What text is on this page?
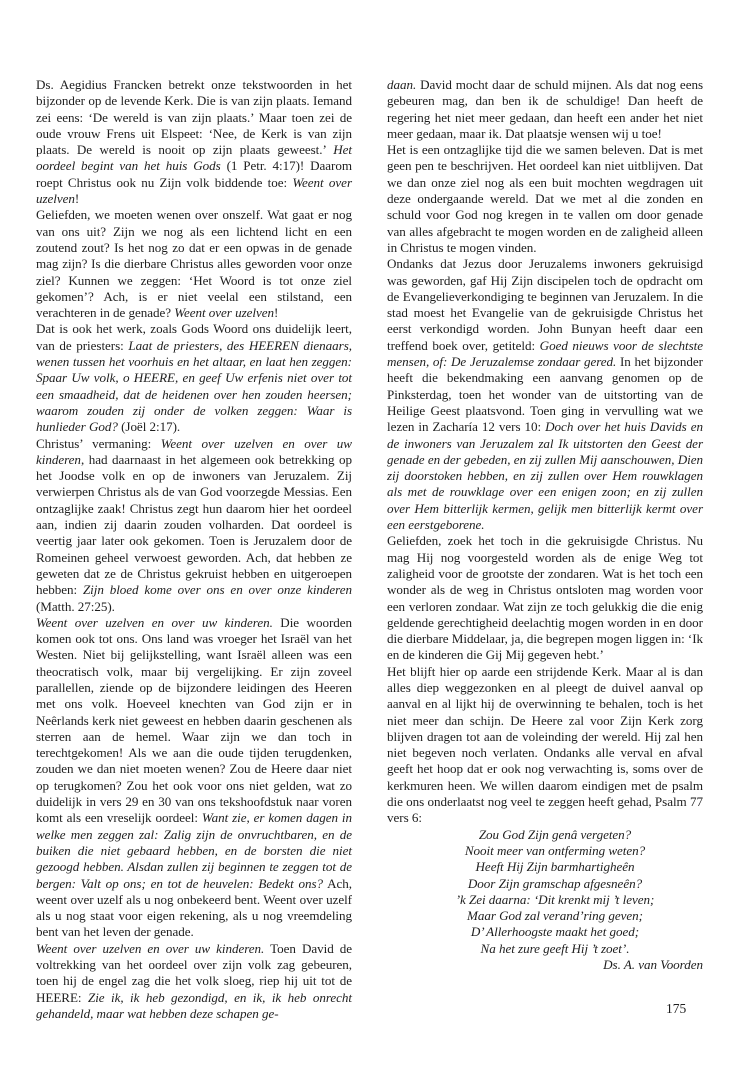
Ds. Aegidius Francken betrekt onze tekstwoorden in het bijzonder op de levende Kerk. Die is van zijn plaats. Iemand zei eens: ‘De wereld is van zijn plaats.’ Maar toen zei de oude vrouw Frens uit Elspeet: ‘Nee, de Kerk is van zijn plaats. De wereld is nooit op zijn plaats geweest.’ Het oordeel begint van het huis Gods (1 Petr. 4:17)! Daarom roept Christus ook nu Zijn volk biddende toe: Weent over uzelven!

Geliefden, we moeten wenen over onszelf. Wat gaat er nog van ons uit? Zijn we nog als een lichtend licht en een zoutend zout? Is het nog zo dat er een opwas in de genade mag zijn? Is die dierbare Christus alles geworden voor onze ziel? Kunnen we zeggen: ‘Het Woord is tot onze ziel gekomen’? Ach, is er niet veelal een stilstand, een verachteren in de genade? Weent over uzelven!

Dat is ook het werk, zoals Gods Woord ons duidelijk leert, van de priesters: Laat de priesters, des HEEREN dienaars, wenen tussen het voorhuis en het altaar, en laat hen zeggen: Spaar Uw volk, o HEERE, en geef Uw erfenis niet over tot een smaadheid, dat de heidenen over hen zouden heersen; waarom zouden zij onder de volken zeggen: Waar is hunlieder God? (Joël 2:17).

Christus’ vermaning: Weent over uzelven en over uw kinderen, had daarnaast in het algemeen ook betrekking op het Joodse volk en op de inwoners van Jeruzalem. Zij verwierpen Christus als de van God voorzegde Messias. Een ontzaglijke zaak! Christus zegt hun daarom hier het oordeel aan, indien zij daarin zouden volharden. Dat oordeel is veertig jaar later ook gekomen. Toen is Jeruzalem door de Romeinen geheel verwoest geworden. Ach, dat hebben ze geweten dat ze de Christus gekruist hebben en uitgeroepen hebben: Zijn bloed kome over ons en over onze kinderen (Matth. 27:25).

Weent over uzelven en over uw kinderen. Die woorden komen ook tot ons. Ons land was vroeger het Israël van het Westen. Niet bij gelijkstelling, want Israël alleen was een theocratisch volk, maar bij vergelijking. Er zijn zoveel parallellen, ziende op de bijzondere leidingen des Heeren met ons volk. Hoeveel knechten van God zijn er in Neêrlands kerk niet geweest en hebben daarin geschenen als sterren aan de hemel. Waar zijn we dan toch in terechtgekomen! Als we aan die oude tijden terugdenken, zouden we dan niet moeten wenen? Zou de Heere daar niet op terugkomen? Zou het ook voor ons niet gelden, wat zo duidelijk in vers 29 en 30 van ons tekshoofdstuk naar voren komt als een vreselijk oordeel: Want zie, er komen dagen in welke men zeggen zal: Zalig zijn de onvruchtbaren, en de buiken die niet gebaard hebben, en de borsten die niet gezoogd hebben. Alsdan zullen zij beginnen te zeggen tot de bergen: Valt op ons; en tot de heuvelen: Bedekt ons? Ach, weent over uzelf als u nog onbekeerd bent. Weent over uzelf als u nog staat voor eigen rekening, als u nog vreemdeling bent van het leven der genade.

Weent over uzelven en over uw kinderen. Toen David de voltrekking van het oordeel over zijn volk zag gebeuren, toen hij de engel zag die het volk sloeg, riep hij uit tot de HEERE: Zie ik, ik heb gezondigd, en ik, ik heb onrecht gehandeld, maar wat hebben deze schapen ge-

daan. David mocht daar de schuld mijnen. Als dat nog eens gebeuren mag, dan ben ik de schuldige! Dan heeft de regering het niet meer gedaan, dan heeft een ander het niet meer gedaan, maar ik. Dat plaatsje wensen wij u toe!

Het is een ontzaglijke tijd die we samen beleven. Dat is met geen pen te beschrijven. Het oordeel kan niet uitblijven. Dat we dan onze ziel nog als een buit mochten wegdragen uit deze ondergaande wereld. Dat we met al die zonden en schuld voor God nog kregen in te vallen om door genade van alles afgebracht te mogen worden en de zaligheid alleen in Christus te mogen vinden.

Ondanks dat Jezus door Jeruzalems inwoners gekruisigd was geworden, gaf Hij Zijn discipelen toch de opdracht om de Evangelieverkondiging te beginnen van Jeruzalem. In die stad moest het Evangelie van de gekruisigde Christus het eerst verkondigd worden. John Bunyan heeft daar een treffend boek over, getiteld: Goed nieuws voor de slechtste mensen, of: De Jeruzalemse zondaar gered. In het bijzonder heeft die bekendmaking een aanvang genomen op de Pinksterdag, toen het wonder van de uitstorting van de Heilige Geest plaatsvond. Toen ging in vervulling wat we lezen in Zacharía 12 vers 10: Doch over het huis Davids en de inwoners van Jeruzalem zal Ik uitstorten den Geest der genade en der gebeden, en zij zullen Mij aanschouwen, Dien zij doorstoken hebben, en zij zullen over Hem rouwklagen als met de rouwklage over een enigen zoon; en zij zullen over Hem bitterlijk kermen, gelijk men bitterlijk kermt over een eerstgeborene.

Geliefden, zoek het toch in die gekruisigde Christus. Nu mag Hij nog voorgesteld worden als de enige Weg tot zaligheid voor de grootste der zondaren. Wat is het toch een wonder als de weg in Christus ontsloten mag worden voor een verloren zondaar. Wat zijn ze toch gelukkig die die enig geldende gerechtigheid deelachtig mogen worden in en door die dierbare Middelaar, ja, die begrepen mogen liggen in: ‘Ik en de kinderen die Gij Mij gegeven hebt.’

Het blijft hier op aarde een strijdende Kerk. Maar al is dan alles diep weggezonken en al pleegt de duivel aanval op aanval en al lijkt hij de overwinning te behalen, toch is het niet meer dan schijn. De Heere zal voor Zijn Kerk zorg blijven dragen tot aan de voleinding der wereld. Hij zal hen niet begeven noch verlaten. Ondanks alle verval en afval geeft het hoop dat er ook nog verwachting is, soms over de kerkmuren heen. We willen daarom eindigen met de psalm die ons onderlaatst nog veel te zeggen heeft gehad, Psalm 77 vers 6:

Zou God Zijn genâ vergeten?
Nooit meer van ontferming weten?
Heeft Hij Zijn barmhartigheên
Door Zijn gramschap afgesneên?
’k Zei daarna: ‘Dit krenkt mij ’t leven;
Maar God zal verand’ring geven;
D’ Allerhoogste maakt het goed;
Na het zure geeft Hij ’t zoet’.

Ds. A. van Voorden

175
